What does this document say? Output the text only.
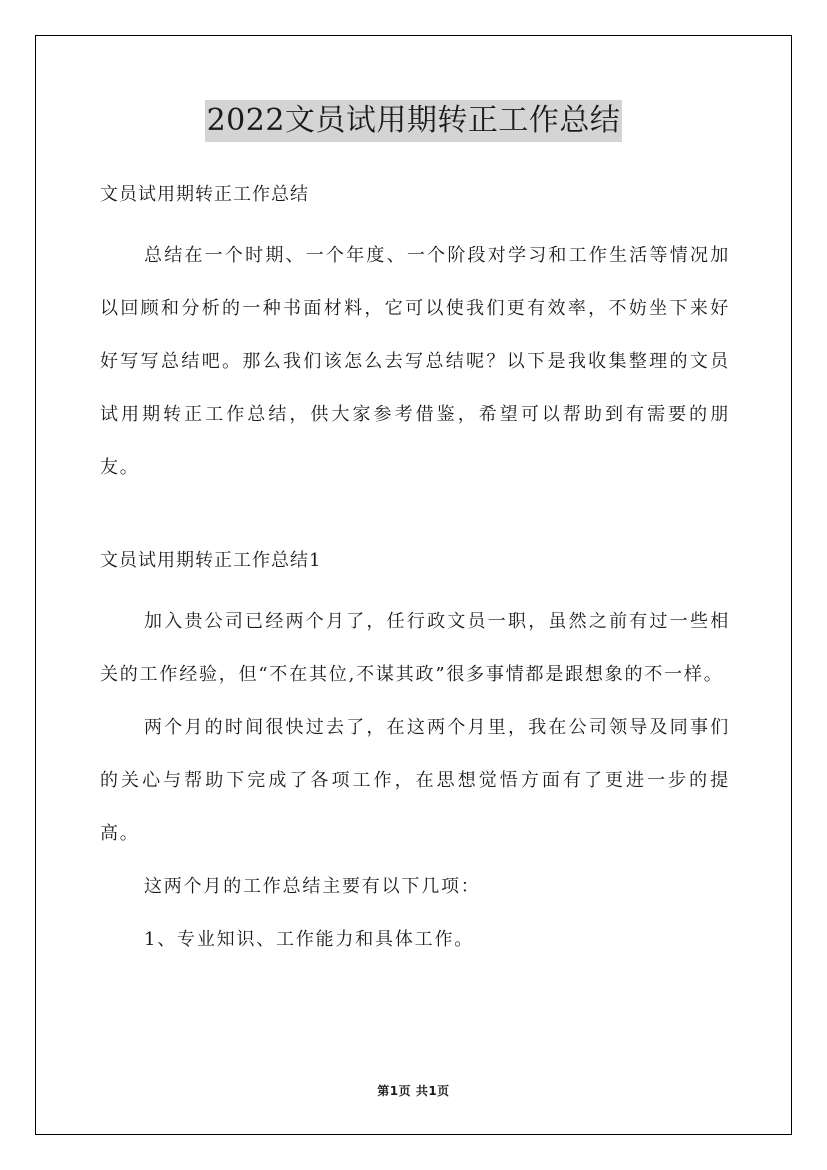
2022文员试用期转正工作总结

文员试用期转正工作总结

总结在一个时期、一个年度、一个阶段对学习和工作生活等情况加以回顾和分析的一种书面材料，它可以使我们更有效率，不妨坐下来好好写写总结吧。那么我们该怎么去写总结呢？以下是我收集整理的文员试用期转正工作总结，供大家参考借鉴，希望可以帮助到有需要的朋友。

文员试用期转正工作总结1

加入贵公司已经两个月了，任行政文员一职，虽然之前有过一些相关的工作经验，但“不在其位,不谋其政”很多事情都是跟想象的不一样。

两个月的时间很快过去了，在这两个月里，我在公司领导及同事们的关心与帮助下完成了各项工作，在思想觉悟方面有了更进一步的提高。

这两个月的工作总结主要有以下几项：

1、专业知识、工作能力和具体工作。

第1页 共1页
